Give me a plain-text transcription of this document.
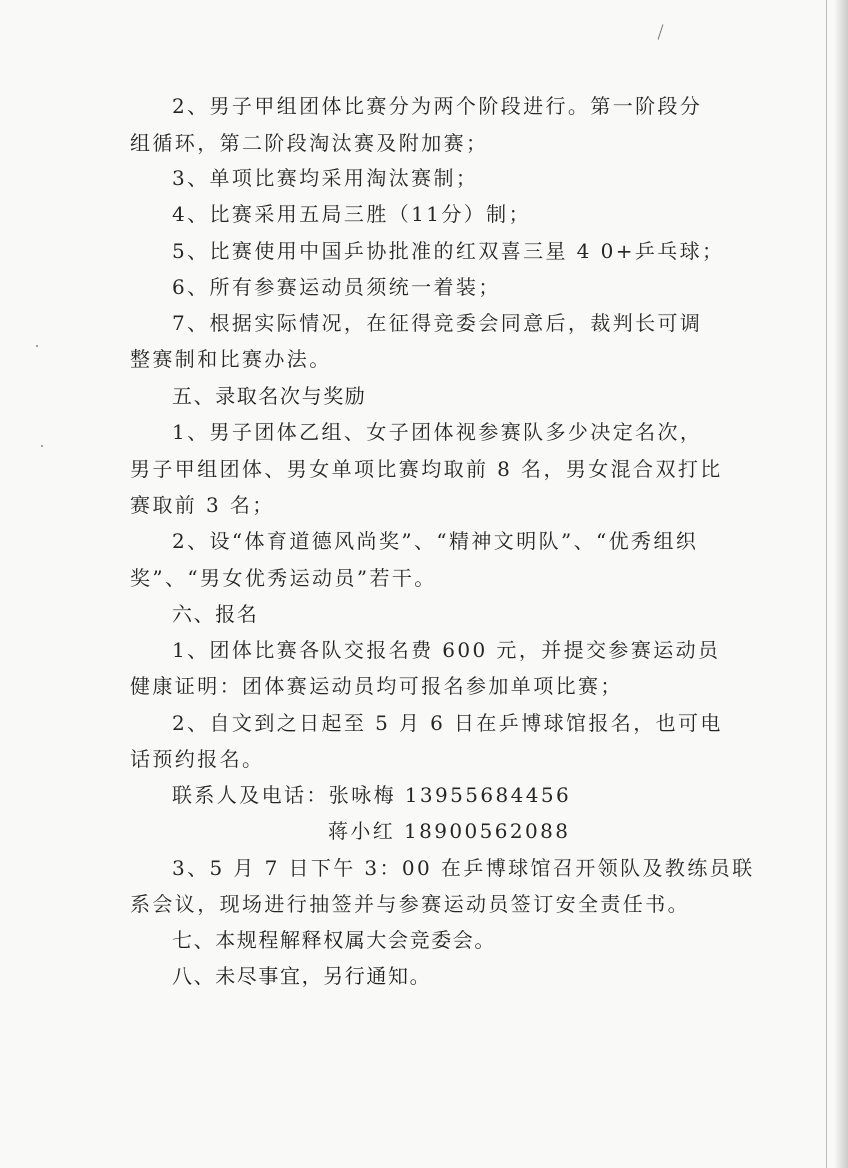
2、男子甲组团体比赛分为两个阶段进行。第一阶段分
组循环，第二阶段淘汰赛及附加赛；
3、单项比赛均采用淘汰赛制；
4、比赛采用五局三胜（11分）制；
5、比赛使用中国乒协批准的红双喜三星 4 0+乒乓球；
6、所有参赛运动员须统一着装；
7、根据实际情况，在征得竞委会同意后，裁判长可调
整赛制和比赛办法。
五、录取名次与奖励
1、男子团体乙组、女子团体视参赛队多少决定名次，
男子甲组团体、男女单项比赛均取前 8 名，男女混合双打比
赛取前 3 名；
2、设“体育道德风尚奖”、“精神文明队”、“优秀组织
奖”、“男女优秀运动员”若干。
六、报名
1、团体比赛各队交报名费 600 元，并提交参赛运动员
健康证明：团体赛运动员均可报名参加单项比赛；
2、自文到之日起至 5 月 6 日在乒博球馆报名，也可电
话预约报名。
联系人及电话：张咏梅 13955684456
蒋小红 18900562088
3、5 月 7 日下午 3：00 在乒博球馆召开领队及教练员联
系会议，现场进行抽签并与参赛运动员签订安全责任书。
七、本规程解释权属大会竞委会。
八、未尽事宜，另行通知。
